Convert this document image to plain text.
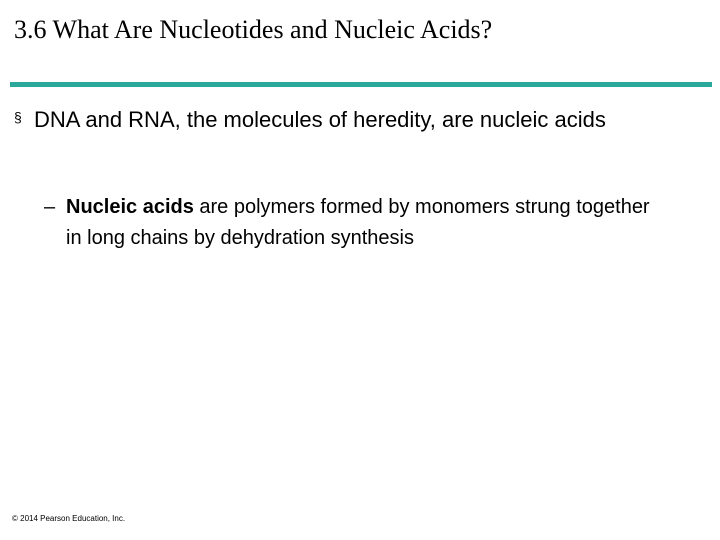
3.6 What Are Nucleotides and Nucleic Acids?
§ DNA and RNA, the molecules of heredity, are nucleic acids
– Nucleic acids are polymers formed by monomers strung together in long chains by dehydration synthesis
© 2014 Pearson Education, Inc.
